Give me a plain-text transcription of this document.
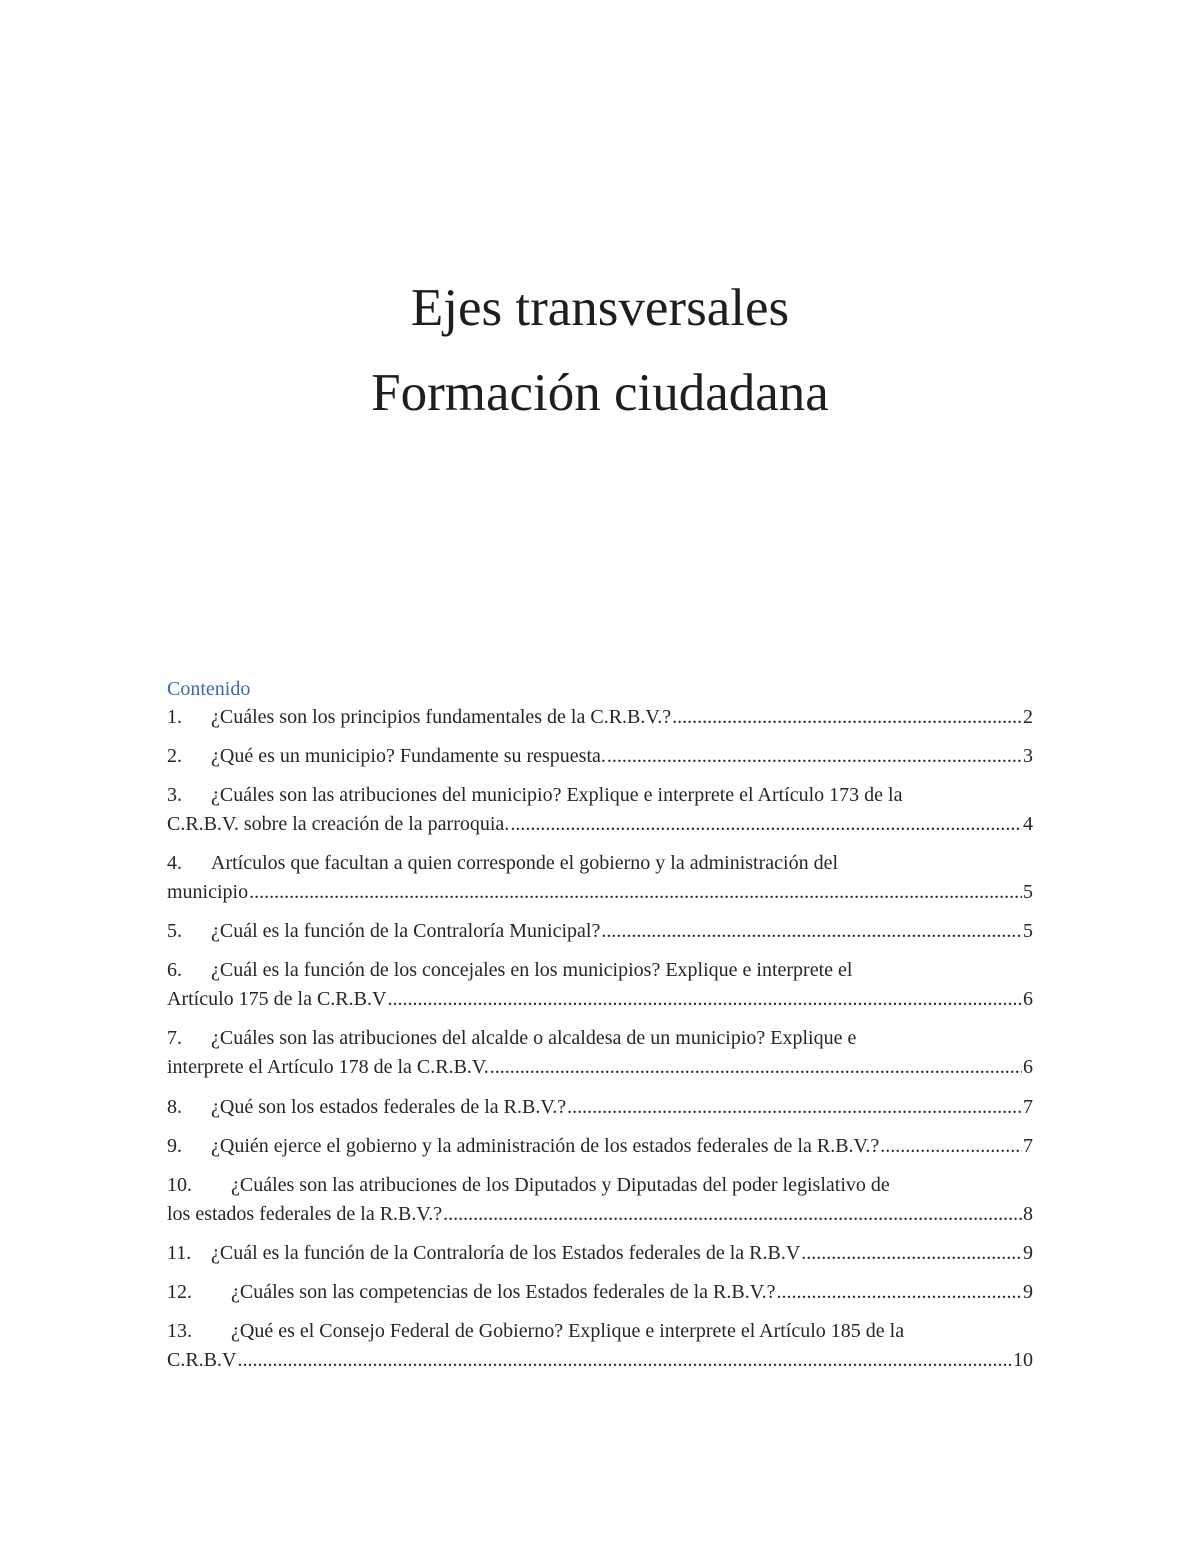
Ejes transversales
Formación ciudadana

Contenido

1. ¿Cuáles son los principios fundamentales de la C.R.B.V.? .....	2
2. ¿Qué es un municipio? Fundamente su respuesta. .....	3

3. ¿Cuáles son las atribuciones del municipio? Explique e interprete el Artículo 173 de la

C.R.B.V. sobre la creación de la parroquia. .....	4

4. Artículos que facultan a quien corresponde el gobierno y la administración del

municipio .....	5
5. ¿Cuál es la función de la Contraloría Municipal? .....	5

6. ¿Cuál es la función de los concejales en los municipios? Explique e interprete el

Artículo 175 de la C.R.B.V .....	6

7. ¿Cuáles son las atribuciones del alcalde o alcaldesa de un municipio? Explique e

interprete el Artículo 178 de la C.R.B.V. .....	6
8. ¿Qué son los estados federales de la R.B.V.? .....	7
9. ¿Quién ejerce el gobierno y la administración de los estados federales de la R.B.V.? .....	7

10. ¿Cuáles son las atribuciones de los Diputados y Diputadas del poder legislativo de

los estados federales de la R.B.V.? .....	8
11. ¿Cuál es la función de la Contraloría de los Estados federales de la R.B.V .....	9
12. ¿Cuáles son las competencias de los Estados federales de la R.B.V.? .....	9

13. ¿Qué es el Consejo Federal de Gobierno? Explique e interprete el Artículo 185 de la

C.R.B.V .....	10
